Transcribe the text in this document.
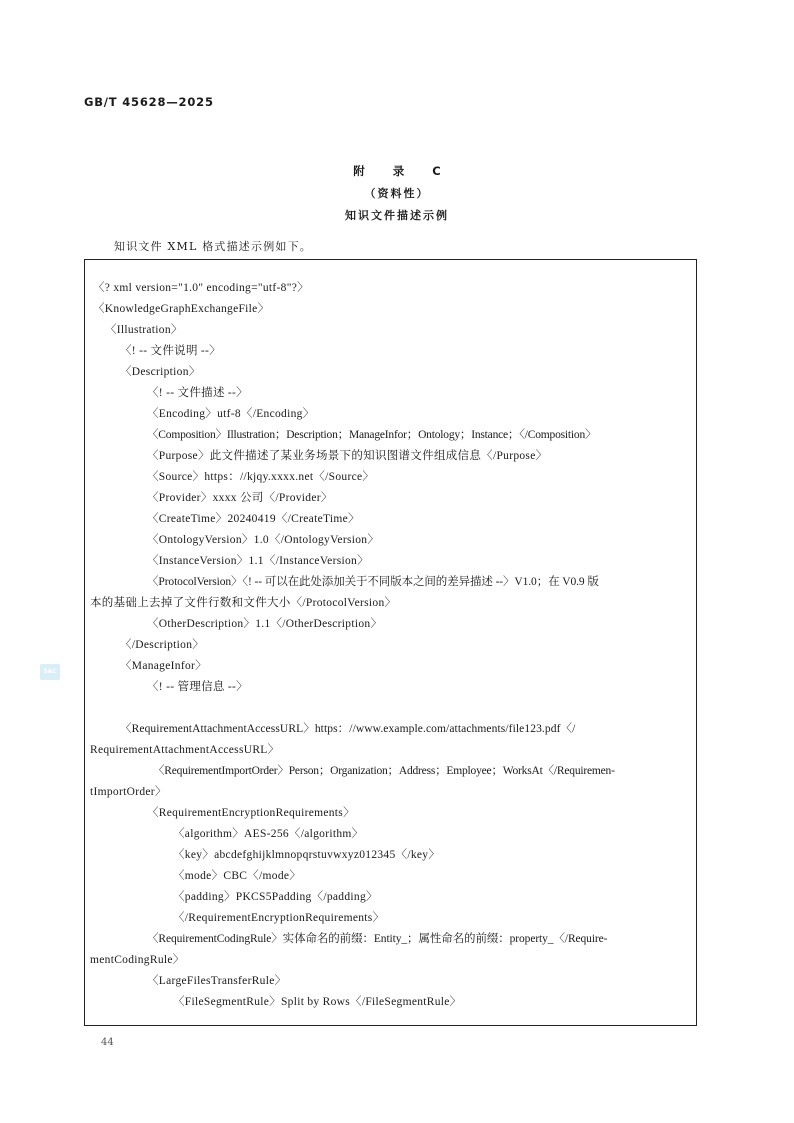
GB/T 45628—2025
附 录 C
（资料性）
知识文件描述示例
知识文件 XML 格式描述示例如下。
SAC
〈? xml version="1.0" encoding="utf-8"?〉
〈KnowledgeGraphExchangeFile〉
〈Illustration〉
〈! -- 文件说明 --〉
〈Description〉
〈! -- 文件描述 --〉
〈Encoding〉utf-8〈/Encoding〉
〈Composition〉Illustration；Description；ManageInfor；Ontology；Instance；〈/Composition〉
〈Purpose〉此文件描述了某业务场景下的知识图谱文件组成信息〈/Purpose〉
〈Source〉https：//kjqy.xxxx.net〈/Source〉
〈Provider〉xxxx 公司〈/Provider〉
〈CreateTime〉20240419〈/CreateTime〉
〈OntologyVersion〉1.0〈/OntologyVersion〉
〈InstanceVersion〉1.1〈/InstanceVersion〉
〈ProtocolVersion〉〈! -- 可以在此处添加关于不同版本之间的差异描述 --〉V1.0；在 V0.9 版
本的基础上去掉了文件行数和文件大小〈/ProtocolVersion〉
〈OtherDescription〉1.1〈/OtherDescription〉
〈/Description〉
〈ManageInfor〉
〈! -- 管理信息 --〉
〈RequirementAttachmentAccessURL〉https：//www.example.com/attachments/file123.pdf〈/
RequirementAttachmentAccessURL〉
〈RequirementImportOrder〉Person；Organization；Address；Employee；WorksAt〈/Requiremen-
tImportOrder〉
〈RequirementEncryptionRequirements〉
〈algorithm〉AES-256〈/algorithm〉
〈key〉abcdefghijklmnopqrstuvwxyz012345〈/key〉
〈mode〉CBC〈/mode〉
〈padding〉PKCS5Padding〈/padding〉
〈/RequirementEncryptionRequirements〉
〈RequirementCodingRule〉实体命名的前缀：Entity_；属性命名的前缀：property_〈/Require-
mentCodingRule〉
〈LargeFilesTransferRule〉
〈FileSegmentRule〉Split by Rows〈/FileSegmentRule〉
44
